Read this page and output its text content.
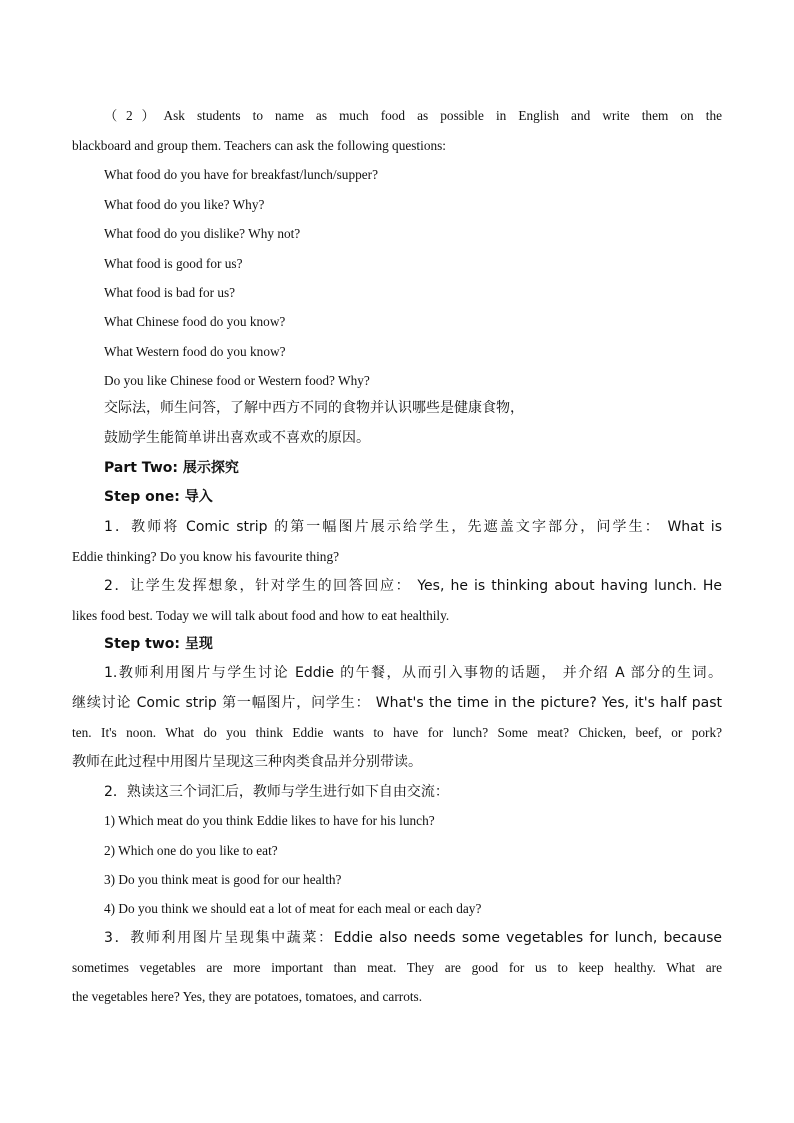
（2）Ask students to name as much food as possible in English and write them on the
blackboard and group them. Teachers can ask the following questions:
What food do you have for breakfast/lunch/supper?
What food do you like? Why?
What food do you dislike? Why not?
What food is good for us?
What food is bad for us?
What Chinese food do you know?
What Western food do you know?
Do you like Chinese food or Western food? Why?
交际法，师生问答，了解中西方不同的食物并认识哪些是健康食物，
鼓励学生能简单讲出喜欢或不喜欢的原因。
Part Two: 展示探究
Step one: 导入
1．教师将 Comic strip 的第一幅图片展示给学生，先遮盖文字部分，问学生： What is
Eddie thinking? Do you know his favourite thing?
2．让学生发挥想象，针对学生的回答回应： Yes, he is thinking about having lunch. He
likes food best. Today we will talk about food and how to eat healthily.
Step two: 呈现
1.教师利用图片与学生讨论 Eddie 的午餐，从而引入事物的话题， 并介绍 A 部分的生词。
继续讨论 Comic strip 第一幅图片，问学生： What's the time in the picture? Yes, it's half past
ten. It's noon. What do you think Eddie wants to have for lunch? Some meat? Chicken, beef, or pork?
教师在此过程中用图片呈现这三种肉类食品并分别带读。
2．熟读这三个词汇后，教师与学生进行如下自由交流：
1) Which meat do you think Eddie likes to have for his lunch?
2) Which one do you like to eat?
3) Do you think meat is good for our health?
4) Do you think we should eat a lot of meat for each meal or each day?
3．教师利用图片呈现集中蔬菜：Eddie also needs some vegetables for lunch, because
sometimes vegetables are more important than meat. They are good for us to keep healthy. What are
the vegetables here? Yes, they are potatoes, tomatoes, and carrots.
